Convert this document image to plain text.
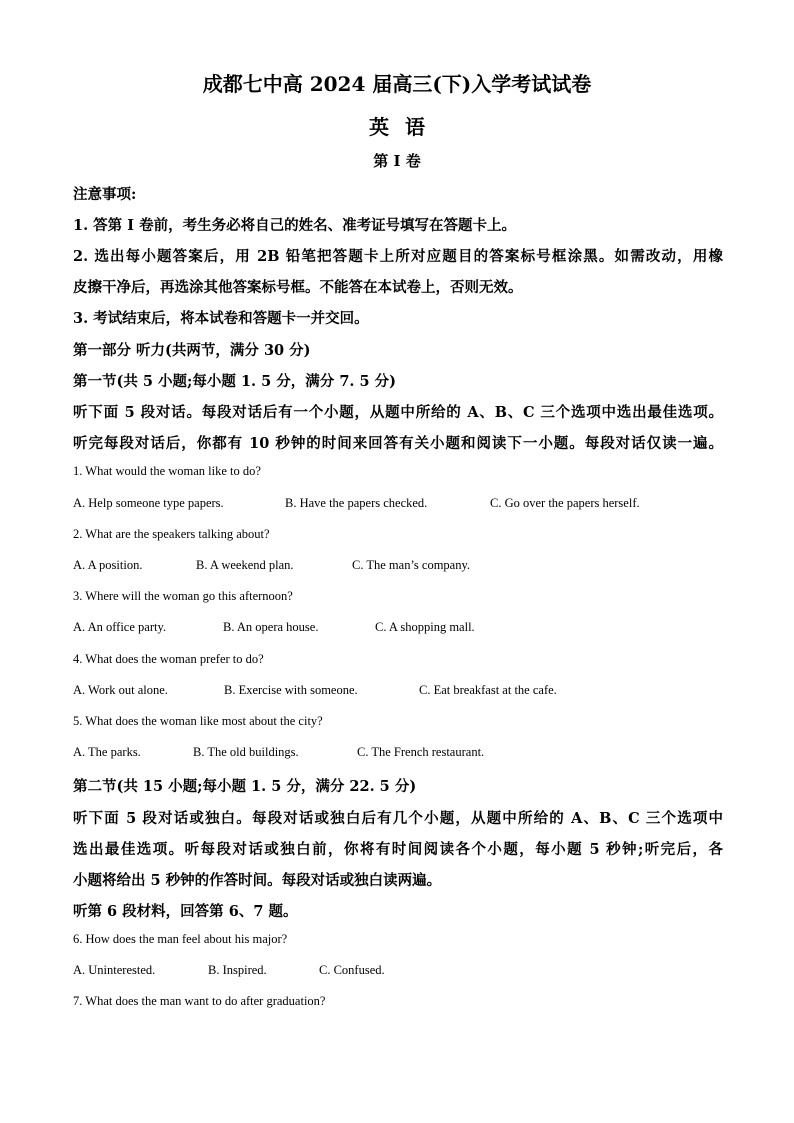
成都七中高 2024 届高三(下)入学考试试卷
英语
第 I 卷
注意事项:
1. 答第 I 卷前，考生务必将自己的姓名、准考证号填写在答题卡上。
2. 选出每小题答案后，用 2B 铅笔把答题卡上所对应题目的答案标号框涂黑。如需改动，用橡
皮擦干净后，再选涂其他答案标号框。不能答在本试卷上，否则无效。
3. 考试结束后，将本试卷和答题卡一并交回。
第一部分 听力(共两节，满分 30 分)
第一节(共 5 小题;每小题 1. 5 分，满分 7. 5 分)
听下面 5 段对话。每段对话后有一个小题，从题中所给的 A、B、C 三个选项中选出最佳选项。
听完每段对话后，你都有 10 秒钟的时间来回答有关小题和阅读下一小题。每段对话仅读一遍。
1. What would the woman like to do?
A. Help someone type papers.	B. Have the papers checked.	C. Go over the papers herself.
2. What are the speakers talking about?
A. A position.	B. A weekend plan.	C. The man’s company.
3. Where will the woman go this afternoon?
A. An office party.	B. An opera house.	C. A shopping mall.
4. What does the woman prefer to do?
A. Work out alone.	B. Exercise with someone.	C. Eat breakfast at the cafe.
5. What does the woman like most about the city?
A. The parks.	B. The old buildings.	C. The French restaurant.
第二节(共 15 小题;每小题 1. 5 分，满分 22. 5 分)
听下面 5 段对话或独白。每段对话或独白后有几个小题，从题中所给的 A、B、C 三个选项中
选出最佳选项。听每段对话或独白前，你将有时间阅读各个小题，每小题 5 秒钟;听完后，各
小题将给出 5 秒钟的作答时间。每段对话或独白读两遍。
听第 6 段材料，回答第 6、7 题。
6. How does the man feel about his major?
A. Uninterested.	B. Inspired.	C. Confused.
7. What does the man want to do after graduation?
